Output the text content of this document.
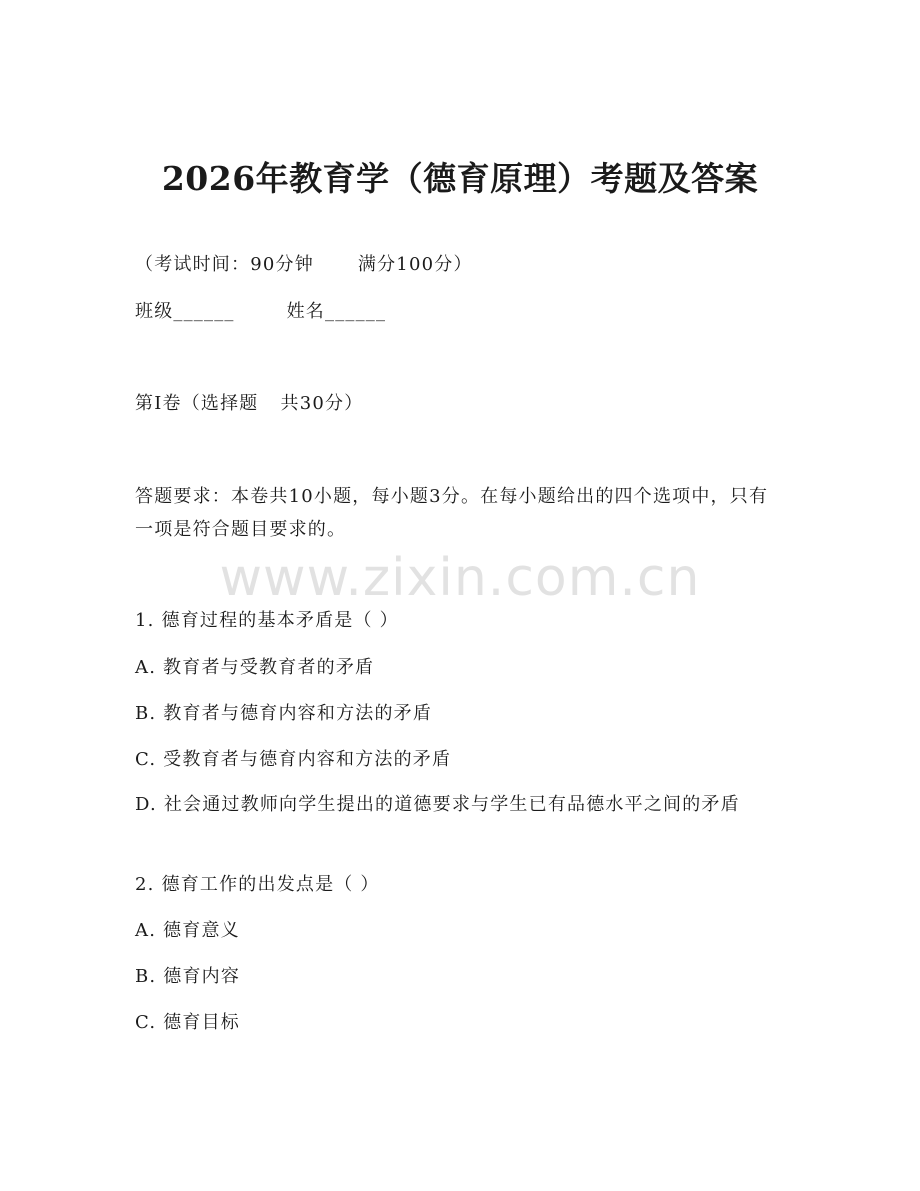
2026年教育学（德育原理）考题及答案
（考试时间：90分钟 满分100分）
班级______	姓名______
第I卷（选择题 共30分）

答题要求：本卷共10小题，每小题3分。在每小题给出的四个选项中，只有一项是符合题目要求的。

www.zixin.com.cn
1. 德育过程的基本矛盾是（ ）
A. 教育者与受教育者的矛盾
B. 教育者与德育内容和方法的矛盾
C. 受教育者与德育内容和方法的矛盾

D. 社会通过教师向学生提出的道德要求与学生已有品德水平之间的矛盾

2. 德育工作的出发点是（ ）
A. 德育意义
B. 德育内容
C. 德育目标
